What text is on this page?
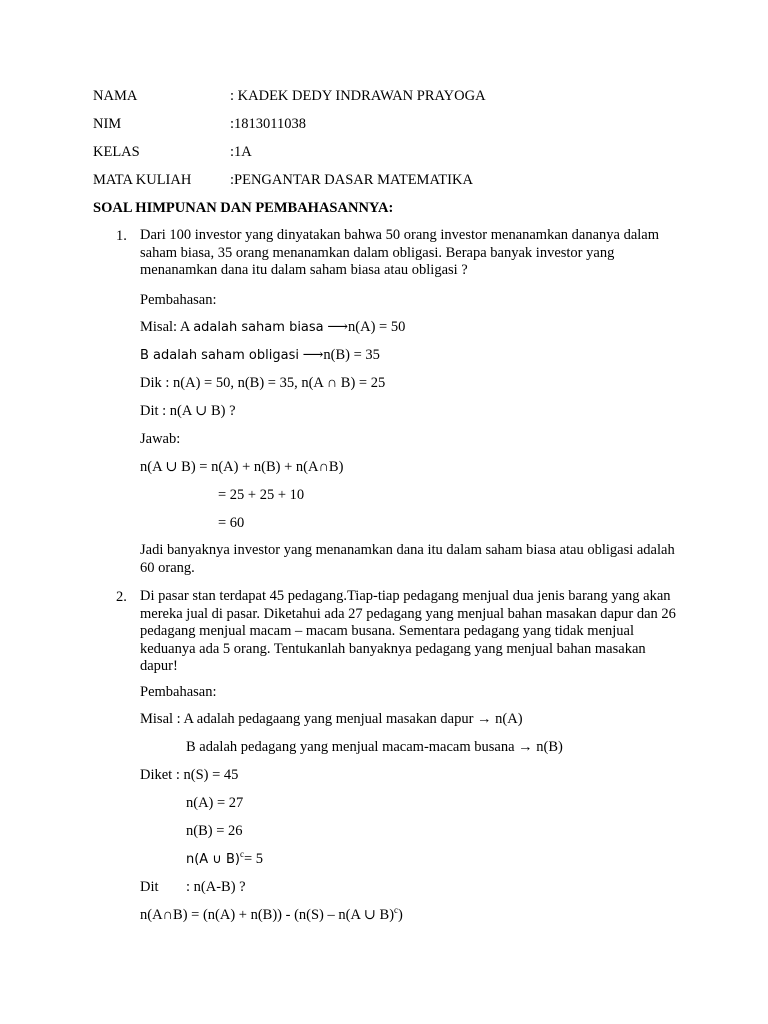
NAMA	: KADEK DEDY INDRAWAN PRAYOGA
NIM	:1813011038
KELAS	:1A
MATA KULIAH	:PENGANTAR DASAR MATEMATIKA
SOAL HIMPUNAN DAN PEMBAHASANNYA:
1. Dari 100 investor yang dinyatakan bahwa 50 orang investor menanamkan dananya dalam saham biasa, 35 orang menanamkan dalam obligasi. Berapa banyak investor yang menanamkan dana itu dalam saham biasa atau obligasi ?
Pembahasan:
Misal: A adalah saham biasa ⟶n(A) = 50
B adalah saham obligasi ⟶n(B) = 35
Dik : n(A) = 50, n(B) = 35, n(A ∩ B) = 25
Dit : n(A ∪ B) ?
Jawab:
n(A ∪ B) = n(A) + n(B) + n(A∩B)
= 25 + 25 + 10
= 60
Jadi banyaknya investor yang menanamkan dana itu dalam saham biasa atau obligasi adalah 60 orang.
2. Di pasar stan terdapat 45 pedagang.Tiap-tiap pedagang menjual dua jenis barang yang akan mereka jual di pasar. Diketahui ada 27 pedagang yang menjual bahan masakan dapur dan 26 pedagang menjual macam – macam busana. Sementara pedagang yang tidak menjual keduanya ada 5 orang. Tentukanlah banyaknya pedagang yang menjual bahan masakan dapur!
Pembahasan:
Misal : A adalah pedagaang yang menjual masakan dapur → n(A)
B adalah pedagang yang menjual macam-macam busana → n(B)
Diket : n(S) = 45
n(A) = 27
n(B) = 26
n(A ∪ B)$^c$= 5
Dit : n(A-B) ?
n(A∩B) = (n(A) + n(B)) - (n(S) – n(A ∪ B)$^c$)
